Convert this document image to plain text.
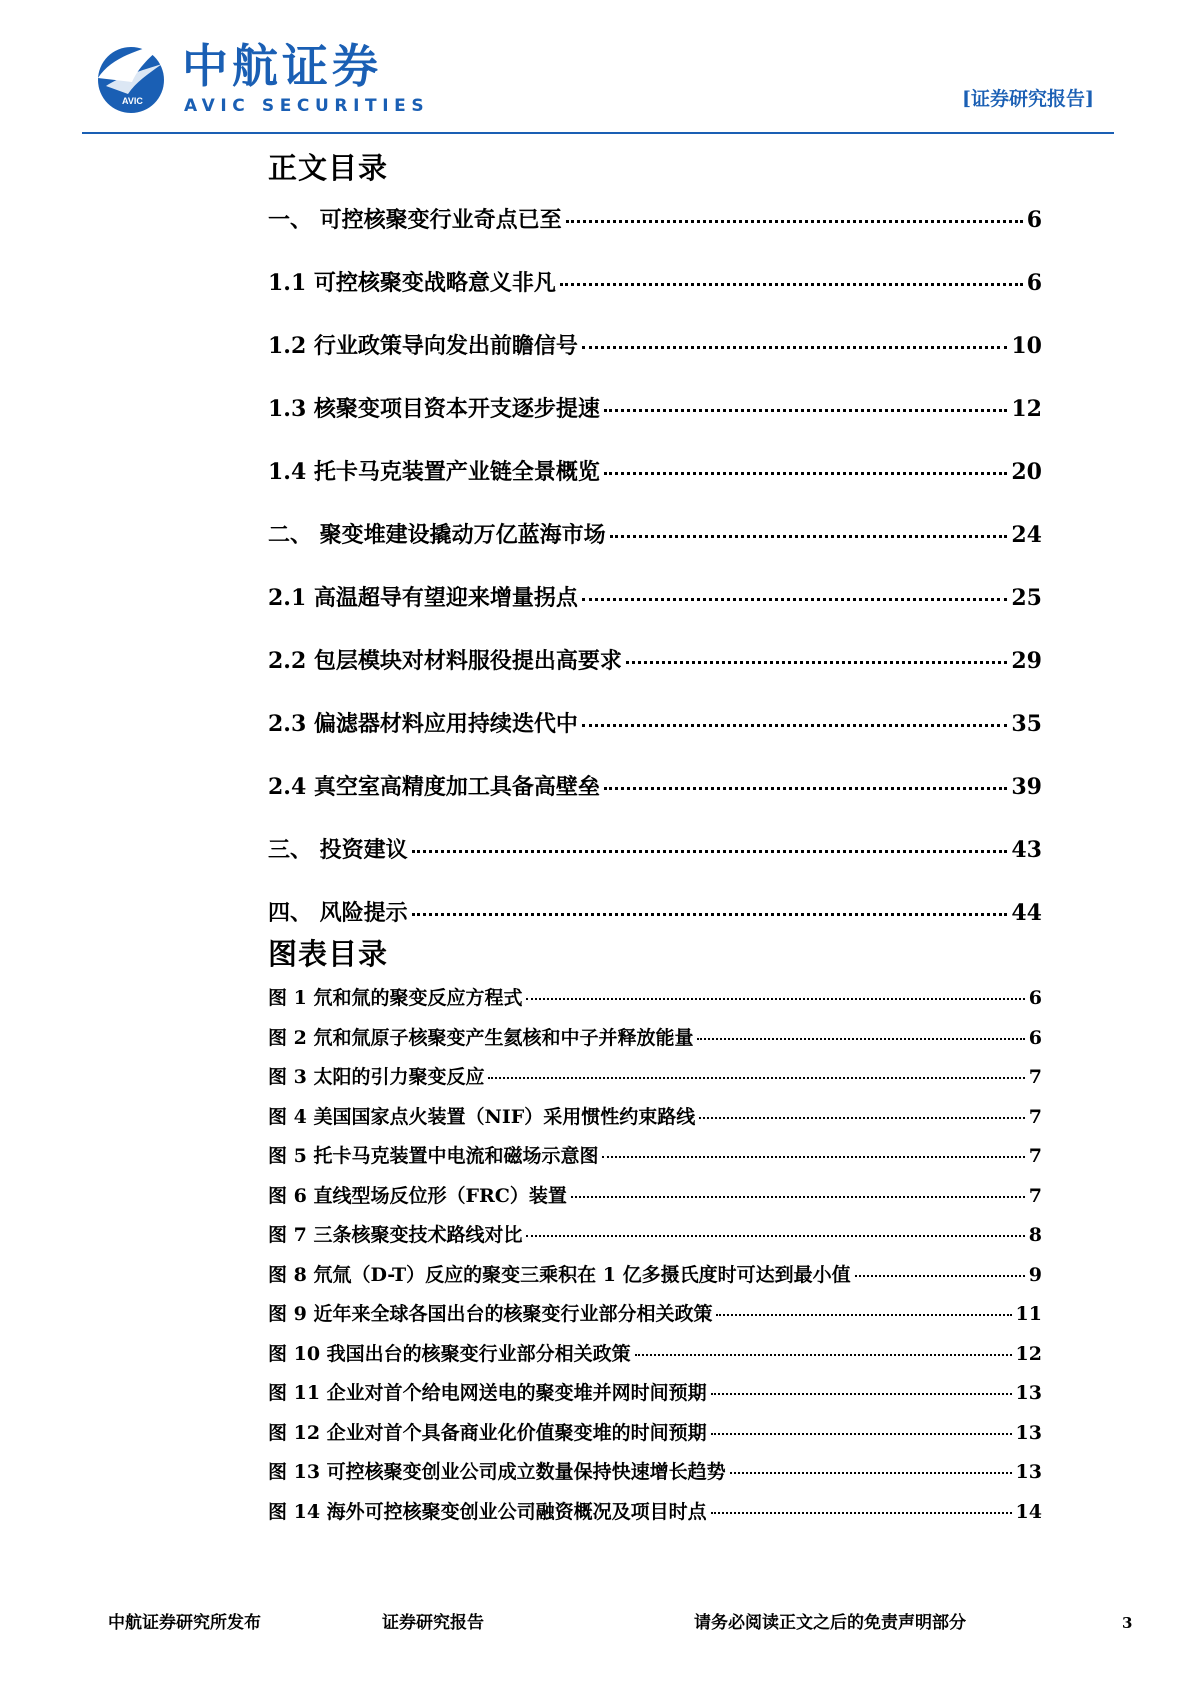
AVIC
中航证券
AVIC SECURITIES	[证券研究报告]
正文目录
一、 可控核聚变行业奇点已至	6
1.1 可控核聚变战略意义非凡	6
1.2 行业政策导向发出前瞻信号	10
1.3 核聚变项目资本开支逐步提速	12
1.4 托卡马克装置产业链全景概览	20
二、 聚变堆建设撬动万亿蓝海市场	24
2.1 高温超导有望迎来增量拐点	25
2.2 包层模块对材料服役提出高要求	29
2.3 偏滤器材料应用持续迭代中	35
2.4 真空室高精度加工具备高壁垒	39
三、 投资建议	43
四、 风险提示	44
图表目录
图 1 氘和氚的聚变反应方程式	6
图 2 氘和氚原子核聚变产生氦核和中子并释放能量	6
图 3 太阳的引力聚变反应	7
图 4 美国国家点火装置（NIF）采用惯性约束路线	7
图 5 托卡马克装置中电流和磁场示意图	7
图 6 直线型场反位形（FRC）装置	7
图 7 三条核聚变技术路线对比	8
图 8 氘氚（D-T）反应的聚变三乘积在 1 亿多摄氏度时可达到最小值	9
图 9 近年来全球各国出台的核聚变行业部分相关政策	11
图 10 我国出台的核聚变行业部分相关政策	12
图 11 企业对首个给电网送电的聚变堆并网时间预期	13
图 12 企业对首个具备商业化价值聚变堆的时间预期	13
图 13 可控核聚变创业公司成立数量保持快速增长趋势	13
图 14 海外可控核聚变创业公司融资概况及项目时点	14
中航证券研究所发布	证券研究报告	请务必阅读正文之后的免责声明部分	3
